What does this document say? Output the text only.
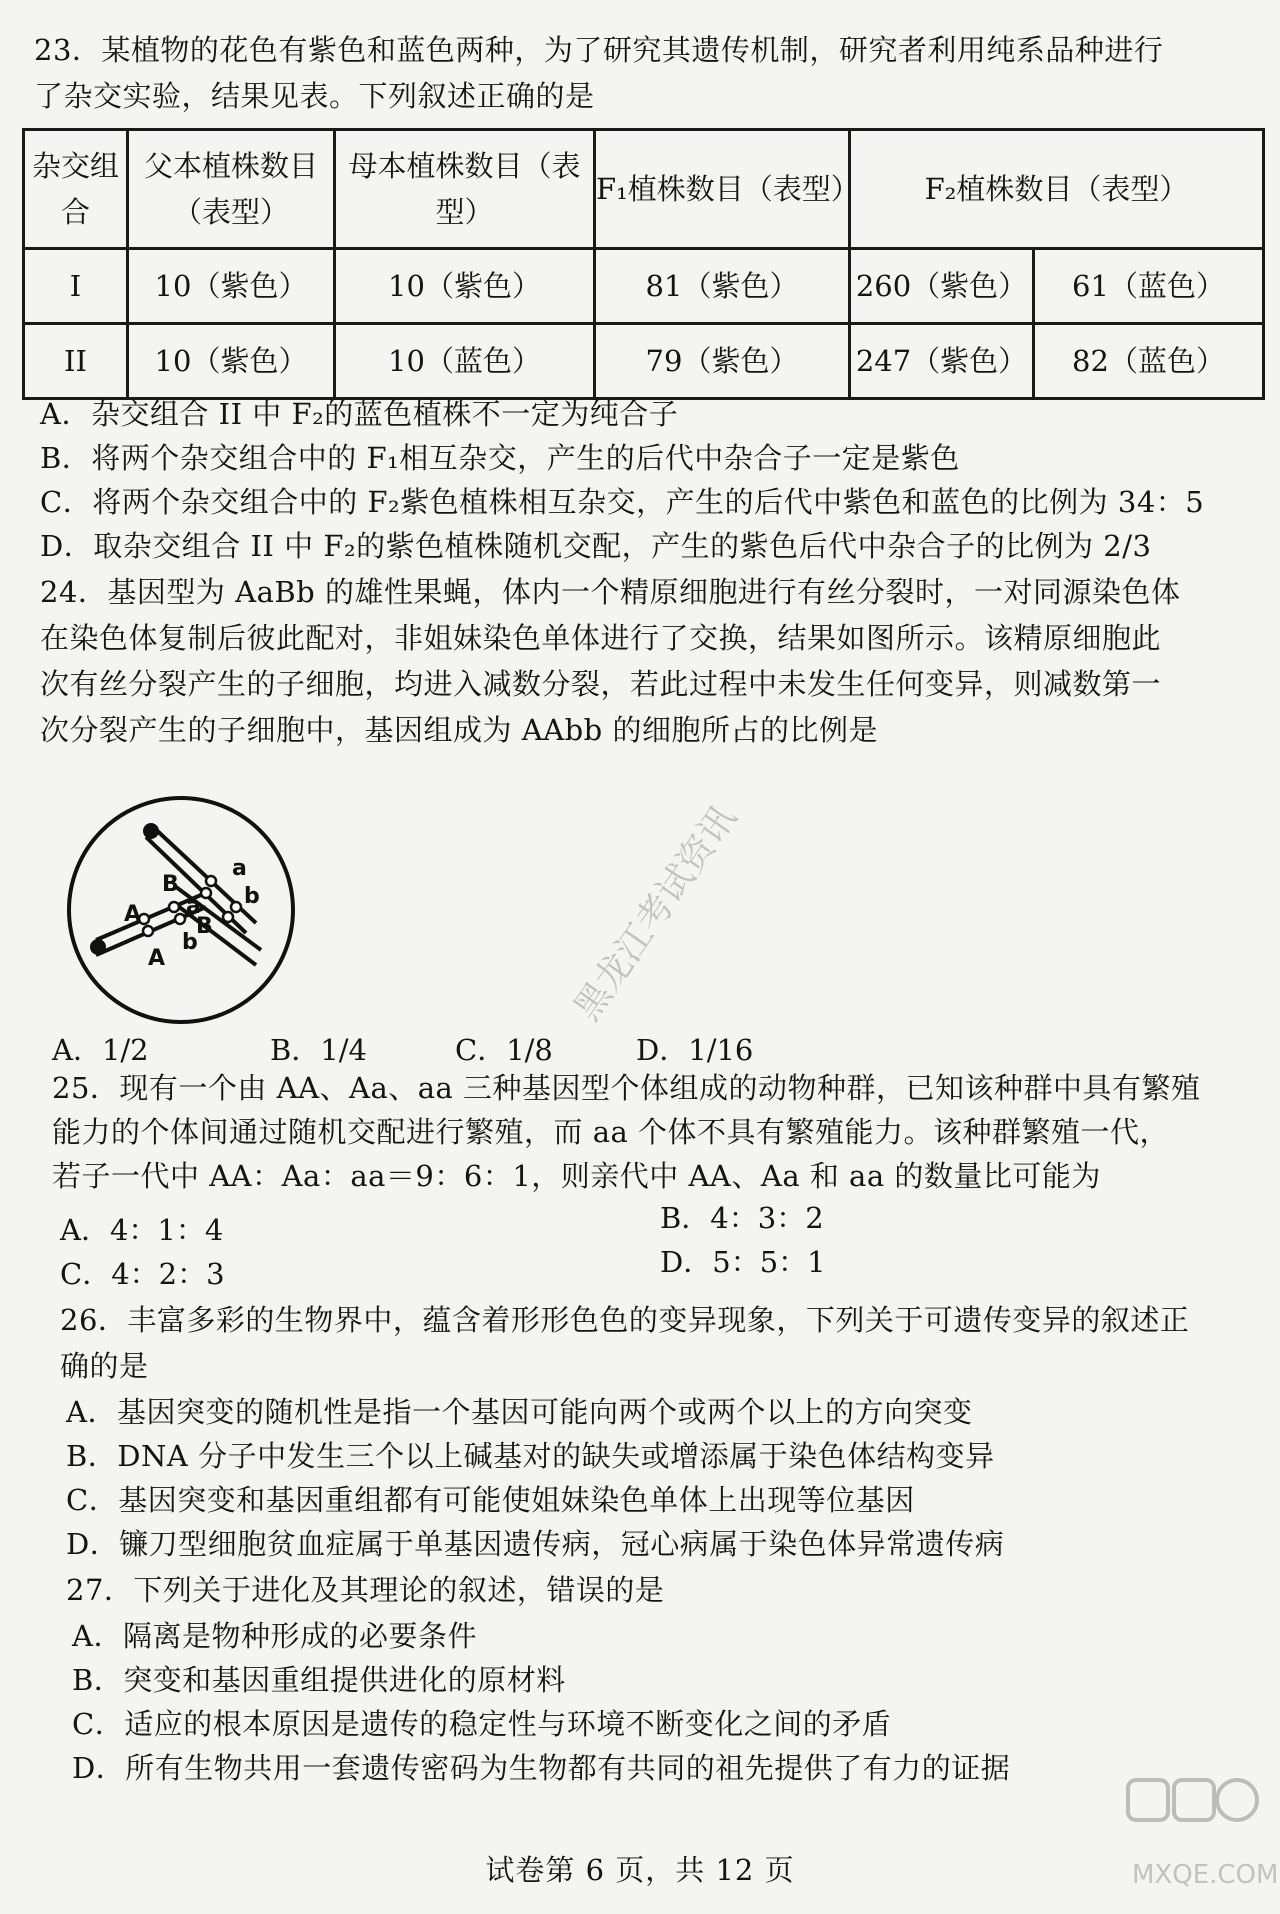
23．某植物的花色有紫色和蓝色两种，为了研究其遗传机制，研究者利用纯系品种进行
了杂交实验，结果见表。下列叙述正确的是
杂交组合	父本植株数目（表型）	母本植株数目（表型）	F₁植株数目（表型）	F₂植株数目（表型）	
I	10（紫色）	10（紫色）	81（紫色）	260（紫色）	61（蓝色）
II	10（紫色）	10（蓝色）	79（紫色）	247（紫色）	82（蓝色）
A．杂交组合 II 中 F₂的蓝色植株不一定为纯合子
B．将两个杂交组合中的 F₁相互杂交，产生的后代中杂合子一定是紫色
C．将两个杂交组合中的 F₂紫色植株相互杂交，产生的后代中紫色和蓝色的比例为 34：5
D．取杂交组合 II 中 F₂的紫色植株随机交配，产生的紫色后代中杂合子的比例为 2/3
24．基因型为 AaBb 的雄性果蝇，体内一个精原细胞进行有丝分裂时，一对同源染色体
在染色体复制后彼此配对，非姐妹染色单体进行了交换，结果如图所示。该精原细胞此
次有丝分裂产生的子细胞，均进入减数分裂，若此过程中未发生任何变异，则减数第一
次分裂产生的子细胞中，基因组成为 AAbb 的细胞所占的比例是
A
A
B
B
a
a
b
b
A．1/2	B．1/4	C．1/8	D．1/16
25．现有一个由 AA、Aa、aa 三种基因型个体组成的动物种群，已知该种群中具有繁殖
能力的个体间通过随机交配进行繁殖，而 aa 个体不具有繁殖能力。该种群繁殖一代，
若子一代中 AA：Aa：aa＝9：6：1，则亲代中 AA、Aa 和 aa 的数量比可能为
A．4：1：4	B．4：3：2
C．4：2：3	D．5：5：1
26．丰富多彩的生物界中，蕴含着形形色色的变异现象，下列关于可遗传变异的叙述正
确的是
A．基因突变的随机性是指一个基因可能向两个或两个以上的方向突变
B．DNA 分子中发生三个以上碱基对的缺失或增添属于染色体结构变异
C．基因突变和基因重组都有可能使姐妹染色单体上出现等位基因
D．镰刀型细胞贫血症属于单基因遗传病，冠心病属于染色体异常遗传病
27．下列关于进化及其理论的叙述，错误的是
A．隔离是物种形成的必要条件
B．突变和基因重组提供进化的原材料
C．适应的根本原因是遗传的稳定性与环境不断变化之间的矛盾
D．所有生物共用一套遗传密码为生物都有共同的祖先提供了有力的证据
试卷第 6 页，共 12 页
黑龙江考试资讯
MXQE.COM
